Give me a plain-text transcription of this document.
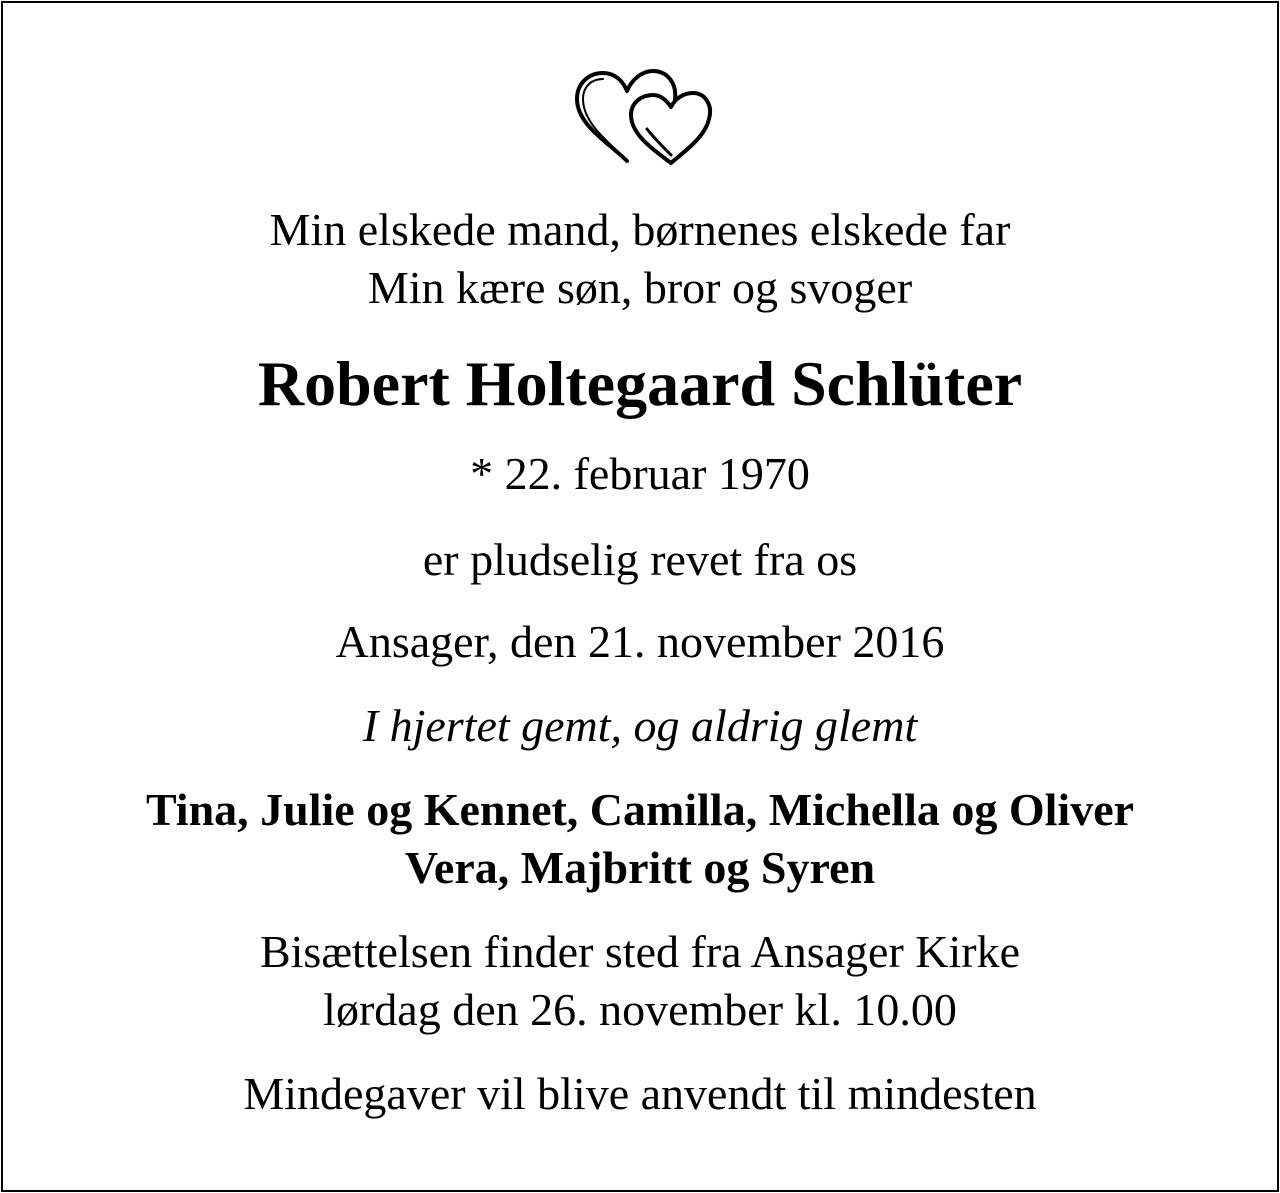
Min elskede mand, børnenes elskede far
Min kære søn, bror og svoger
Robert Holtegaard Schlüter
* 22. februar 1970
er pludselig revet fra os
Ansager, den 21. november 2016
I hjertet gemt, og aldrig glemt
Tina, Julie og Kennet, Camilla, Michella og Oliver
Vera, Majbritt og Syren
Bisættelsen finder sted fra Ansager Kirke
lørdag den 26. november kl. 10.00
Mindegaver vil blive anvendt til mindesten
